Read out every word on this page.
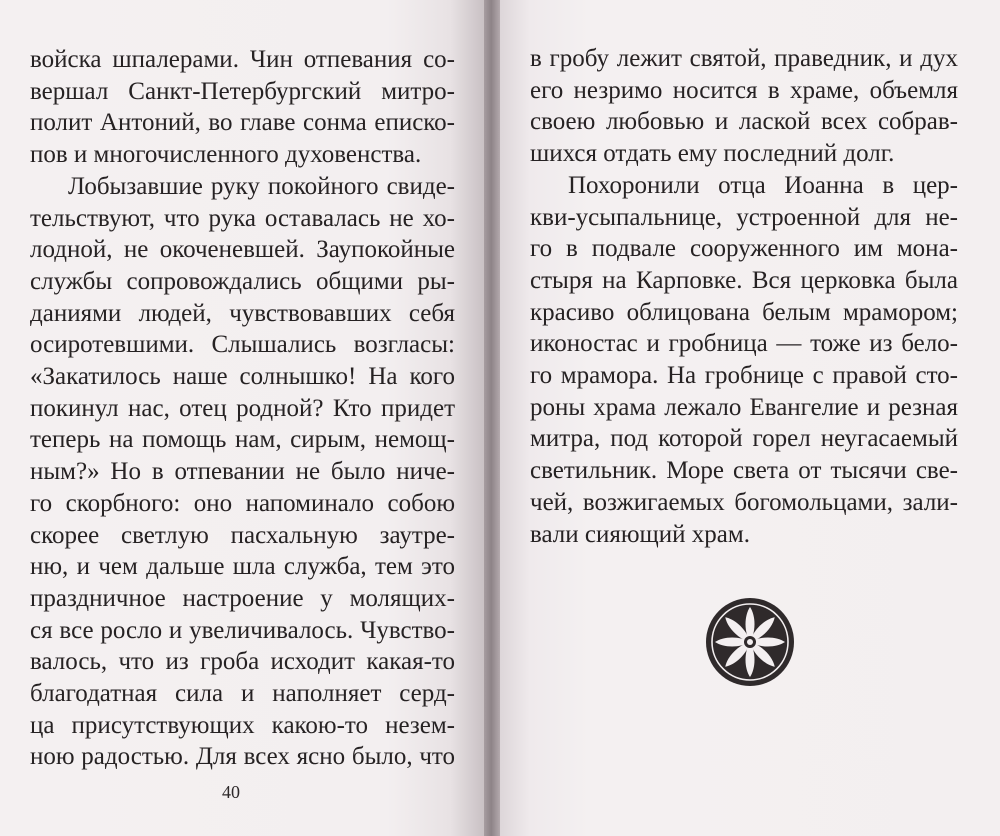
войска шпалерами. Чин отпевания со-
вершал Санкт-Петербургский митро-
полит Антоний, во главе сонма еписко-
пов и многочисленного духовенства.
Лобызавшие руку покойного свиде-
тельствуют, что рука оставалась не хо-
лодной, не окоченевшей. Заупокойные
службы сопровождались общими ры-
даниями людей, чувствовавших себя
осиротевшими. Слышались возгласы:
«Закатилось наше солнышко! На кого
покинул нас, отец родной? Кто придет
теперь на помощь нам, сирым, немощ-
ным?» Но в отпевании не было ниче-
го скорбного: оно напоминало собою
скорее светлую пасхальную заутре-
ню, и чем дальше шла служба, тем это
праздничное настроение у молящих-
ся все росло и увеличивалось. Чувство-
валось, что из гроба исходит какая-то
благодатная сила и наполняет серд-
ца присутствующих какою-то незем-
ною радостью. Для всех ясно было, что
40
в гробу лежит святой, праведник, и дух
его незримо носится в храме, объемля
своею любовью и лаской всех собрав-
шихся отдать ему последний долг.
Похоронили отца Иоанна в цер-
кви-усыпальнице, устроенной для не-
го в подвале сооруженного им мона-
стыря на Карповке. Вся церковка была
красиво облицована белым мрамором;
иконостас и гробница — тоже из бело-
го мрамора. На гробнице с правой сто-
роны храма лежало Евангелие и резная
митра, под которой горел неугасаемый
светильник. Море света от тысячи све-
чей, возжигаемых богомольцами, зали-
вали сияющий храм.
